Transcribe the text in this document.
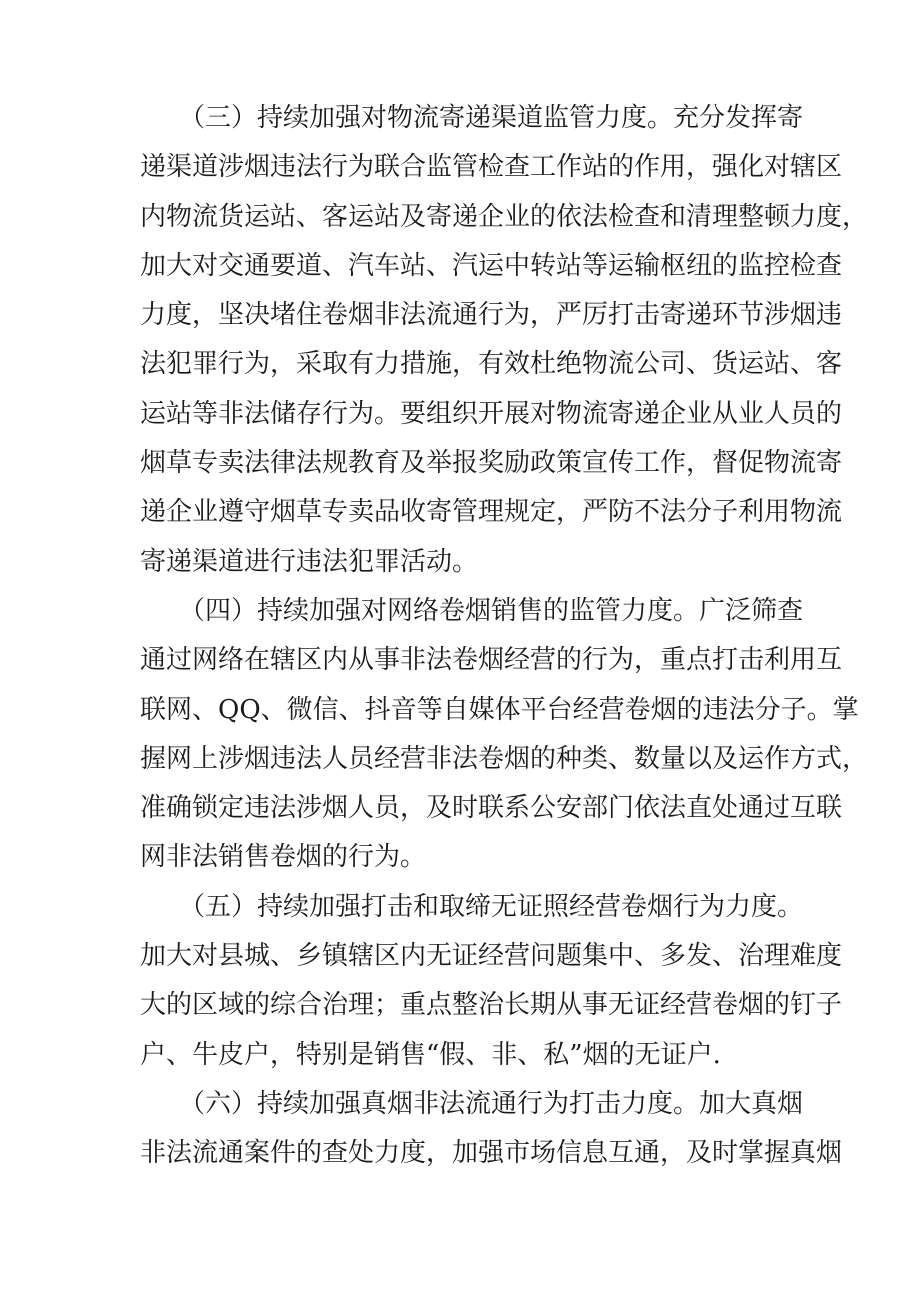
　　（三）持续加强对物流寄递渠道监管力度。充分发挥寄
递渠道涉烟违法行为联合监管检查工作站的作用，强化对辖区
内物流货运站、客运站及寄递企业的依法检查和清理整顿力度，
加大对交通要道、汽车站、汽运中转站等运输枢纽的监控检查
力度，坚决堵住卷烟非法流通行为，严厉打击寄递环节涉烟违
法犯罪行为，采取有力措施，有效杜绝物流公司、货运站、客
运站等非法储存行为。要组织开展对物流寄递企业从业人员的
烟草专卖法律法规教育及举报奖励政策宣传工作，督促物流寄
递企业遵守烟草专卖品收寄管理规定，严防不法分子利用物流
寄递渠道进行违法犯罪活动。
　　（四）持续加强对网络卷烟销售的监管力度。广泛筛查
通过网络在辖区内从事非法卷烟经营的行为，重点打击利用互
联网、QQ、微信、抖音等自媒体平台经营卷烟的违法分子。掌
握网上涉烟违法人员经营非法卷烟的种类、数量以及运作方式，
准确锁定违法涉烟人员，及时联系公安部门依法直处通过互联
网非法销售卷烟的行为。
　　（五）持续加强打击和取缔无证照经营卷烟行为力度。
加大对县城、乡镇辖区内无证经营问题集中、多发、治理难度
大的区域的综合治理；重点整治长期从事无证经营卷烟的钉子
户、牛皮户，特别是销售“假、非、私”烟的无证户.
　　（六）持续加强真烟非法流通行为打击力度。加大真烟
非法流通案件的查处力度，加强市场信息互通，及时掌握真烟
